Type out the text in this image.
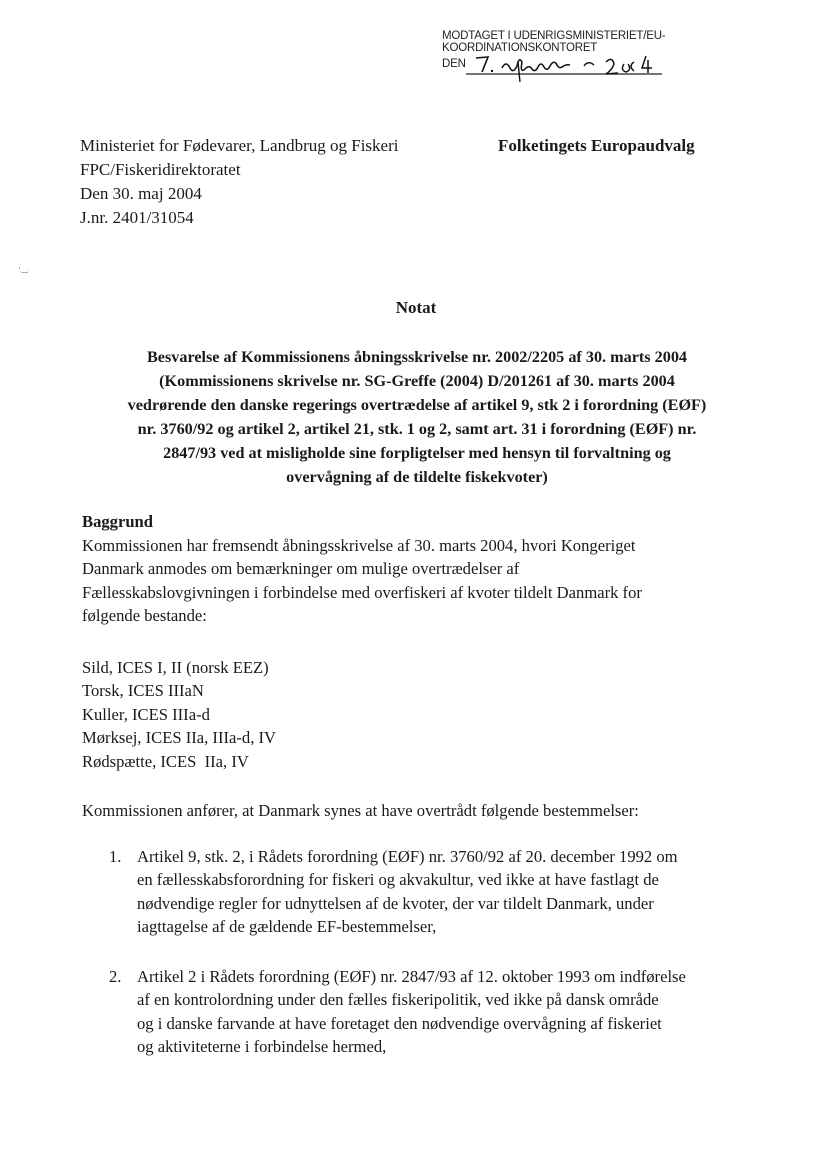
MODTAGET I UDENRIGSMINISTERIET/EU-KOORDINATIONSKONTORET
DEN
Ministeriet for Fødevarer, Landbrug og Fiskeri
FPC/Fiskeridirektoratet
Den 30. maj 2004
J.nr. 2401/31054
Folketingets Europaudvalg
·‿
Notat
Besvarelse af Kommissionens åbningsskrivelse nr. 2002/2205 af 30. marts 2004
(Kommissionens skrivelse nr. SG-Greffe (2004) D/201261 af 30. marts 2004
vedrørende den danske regerings overtrædelse af artikel 9, stk 2 i forordning (EØF)
nr. 3760/92 og artikel 2, artikel 21, stk. 1 og 2, samt art. 31 i forordning (EØF) nr.
2847/93 ved at misligholde sine forpligtelser med hensyn til forvaltning og
overvågning af de tildelte fiskekvoter)
Baggrund
Kommissionen har fremsendt åbningsskrivelse af 30. marts 2004, hvori Kongeriget
Danmark anmodes om bemærkninger om mulige overtrædelser af
Fællesskabslovgivningen i forbindelse med overfiskeri af kvoter tildelt Danmark for
følgende bestande:
Sild, ICES I, II (norsk EEZ)
Torsk, ICES IIIaN
Kuller, ICES IIIa-d
Mørksej, ICES IIa, IIIa-d, IV
Rødspætte, ICES  IIa, IV
Kommissionen anfører, at Danmark synes at have overtrådt følgende bestemmelser:
1. Artikel 9, stk. 2, i Rådets forordning (EØF) nr. 3760/92 af 20. december 1992 om
en fællesskabsforordning for fiskeri og akvakultur, ved ikke at have fastlagt de
nødvendige regler for udnyttelsen af de kvoter, der var tildelt Danmark, under
iagttagelse af de gældende EF-bestemmelser,
2. Artikel 2 i Rådets forordning (EØF) nr. 2847/93 af 12. oktober 1993 om indførelse
af en kontrolordning under den fælles fiskeripolitik, ved ikke på dansk område
og i danske farvande at have foretaget den nødvendige overvågning af fiskeriet
og aktiviteterne i forbindelse hermed,
